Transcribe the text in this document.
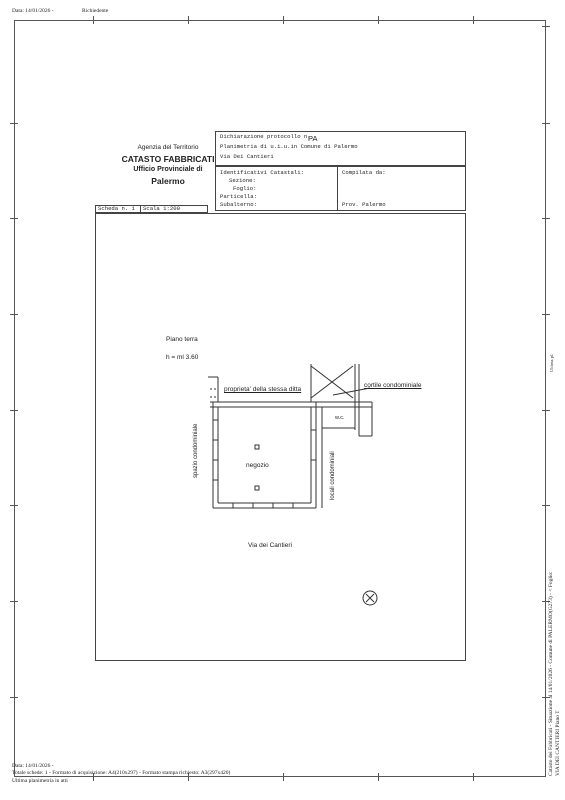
Data: 14/01/2026 -	Richiedente
Agenzia del Territorio
CATASTO FABBRICATI
Ufficio Provinciale di
Palermo
Dichiarazione protocollo n.
PA
Planimetria di u.i.u.in Comune di Palermo
Via Dei Cantieri
Identificativi Catastali:
Sezione:
Foglio:
Particella:
Subalterno:
Compilata da:
Prov. Palermo
Scheda n. 1 Scala 1:200
Piano terra
h = ml 3.60
proprieta' della stessa ditta
cortile condominiale
w.c.
negozio
spazio condominiale	locali condominiali
Via dei Cantieri
Catasto dei Fabbricati - Situazione al 14/01/2026 - Comune di PALERMO(G273) - < Foglio: VIA DEI CANTIERI Piano T
Ultima pl.
Data: 14/01/2026 -
Totale schede: 1 - Formato di acquisizione: A4(210x297) - Formato stampa richiesto: A3(297x420)
Ultima planimetria in atti
